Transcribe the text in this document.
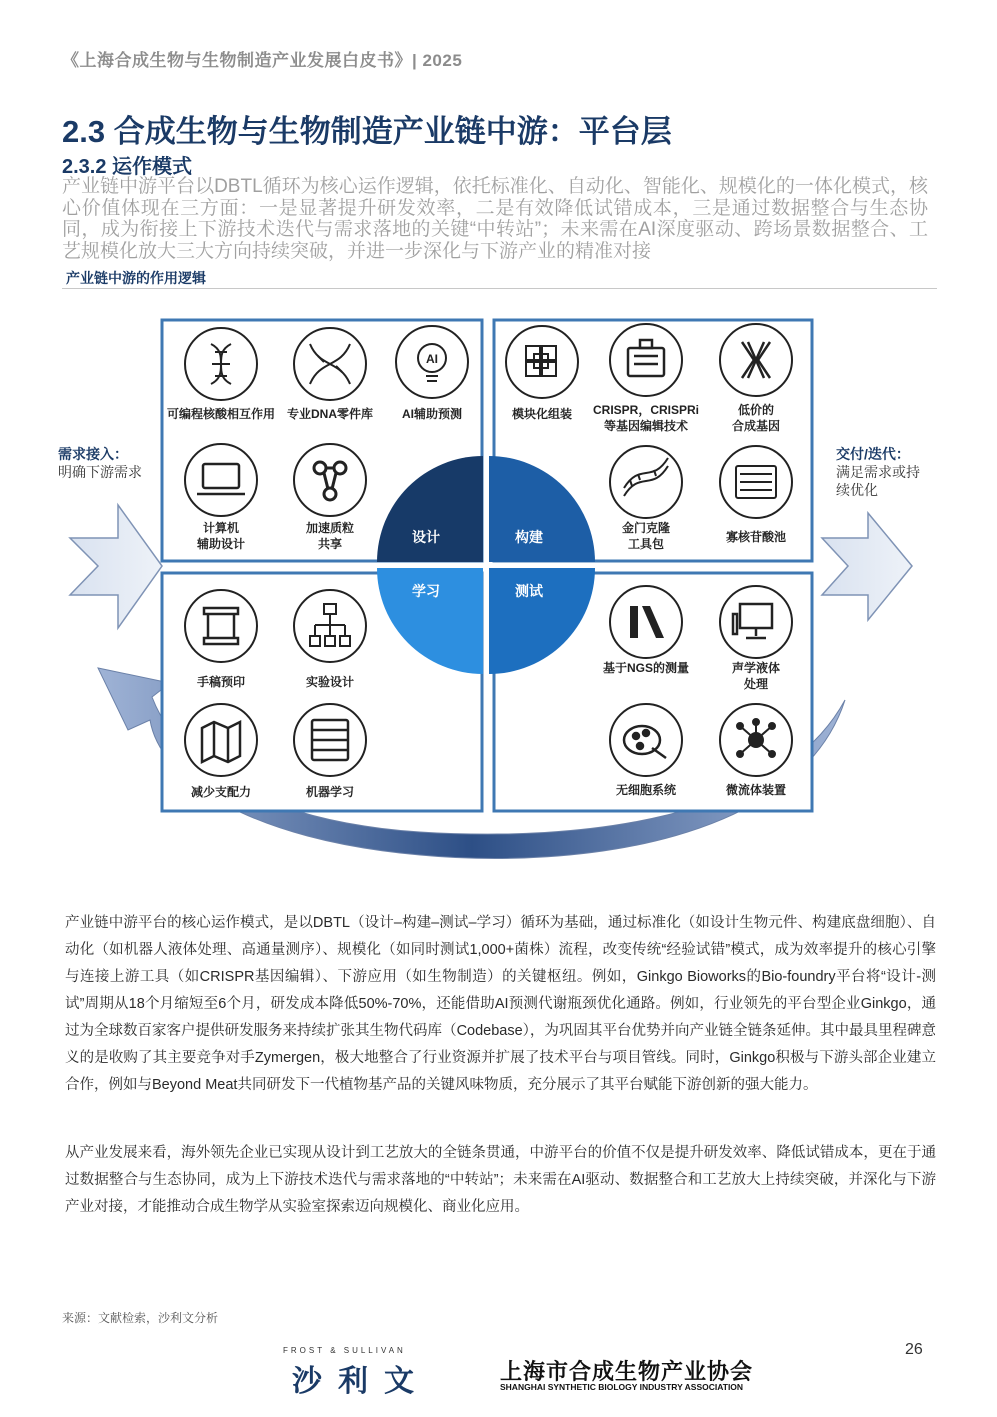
《上海合成生物与生物制造产业发展白皮书》| 2025
2.3 合成生物与生物制造产业链中游：平台层
2.3.2 运作模式
产业链中游平台以DBTL循环为核心运作逻辑，依托标准化、自动化、智能化、规模化的一体化模式，核心价值体现在三方面：一是显著提升研发效率，二是有效降低试错成本，三是通过数据整合与生态协同，成为衔接上下游技术迭代与需求落地的关键“中转站”；未来需在AI深度驱动、跨场景数据整合、工艺规模化放大三大方向持续突破，并进一步深化与下游产业的精准对接
产业链中游的作用逻辑
设计	构建
学习	测试
需求接入：
明确下游需求
交付/迭代：
满足需求或持
续优化
可编程核酸相互作用 专业DNA零件库
AI
AI辅助预测
计算机
辅助设计
加速质粒
共享
模块化组装 CRISPR，CRISPRi
等基因编辑技术
低价的
合成基因
金门克隆
工具包	寡核苷酸池
手稿预印	实验设计
减少支配力	机器学习
基于NGS的测量	声学液体
处理
无细胞系统	微流体装置
产业链中游平台的核心运作模式，是以DBTL（设计–构建–测试–学习）循环为基础，通过标准化（如设计生物元件、构建底盘细胞）、自动化（如机器人液体处理、高通量测序）、规模化（如同时测试1,000+菌株）流程，改变传统“经验试错”模式，成为效率提升的核心引擎与连接上游工具（如CRISPR基因编辑）、下游应用（如生物制造）的关键枢纽。例如，Ginkgo Bioworks的Bio-foundry平台将“设计-测试”周期从18个月缩短至6个月，研发成本降低50%-70%，还能借助AI预测代谢瓶颈优化通路。例如，行业领先的平台型企业Ginkgo，通过为全球数百家客户提供研发服务来持续扩张其生物代码库（Codebase），为巩固其平台优势并向产业链全链条延伸。其中最具里程碑意义的是收购了其主要竞争对手Zymergen，极大地整合了行业资源并扩展了技术平台与项目管线。同时，Ginkgo积极与下游头部企业建立合作，例如与Beyond Meat共同研发下一代植物基产品的关键风味物质，充分展示了其平台赋能下游创新的强大能力。
从产业发展来看，海外领先企业已实现从设计到工艺放大的全链条贯通，中游平台的价值不仅是提升研发效率、降低试错成本，更在于通过数据整合与生态协同，成为上下游技术迭代与需求落地的“中转站”；未来需在AI驱动、数据整合和工艺放大上持续突破，并深化与下游产业对接，才能推动合成生物学从实验室探索迈向规模化、商业化应用。
来源：文献检索，沙利文分析
26
FROST & SULLIVAN
沙利文	上海市合成生物产业协会
SHANGHAI SYNTHETIC BIOLOGY INDUSTRY ASSOCIATION
